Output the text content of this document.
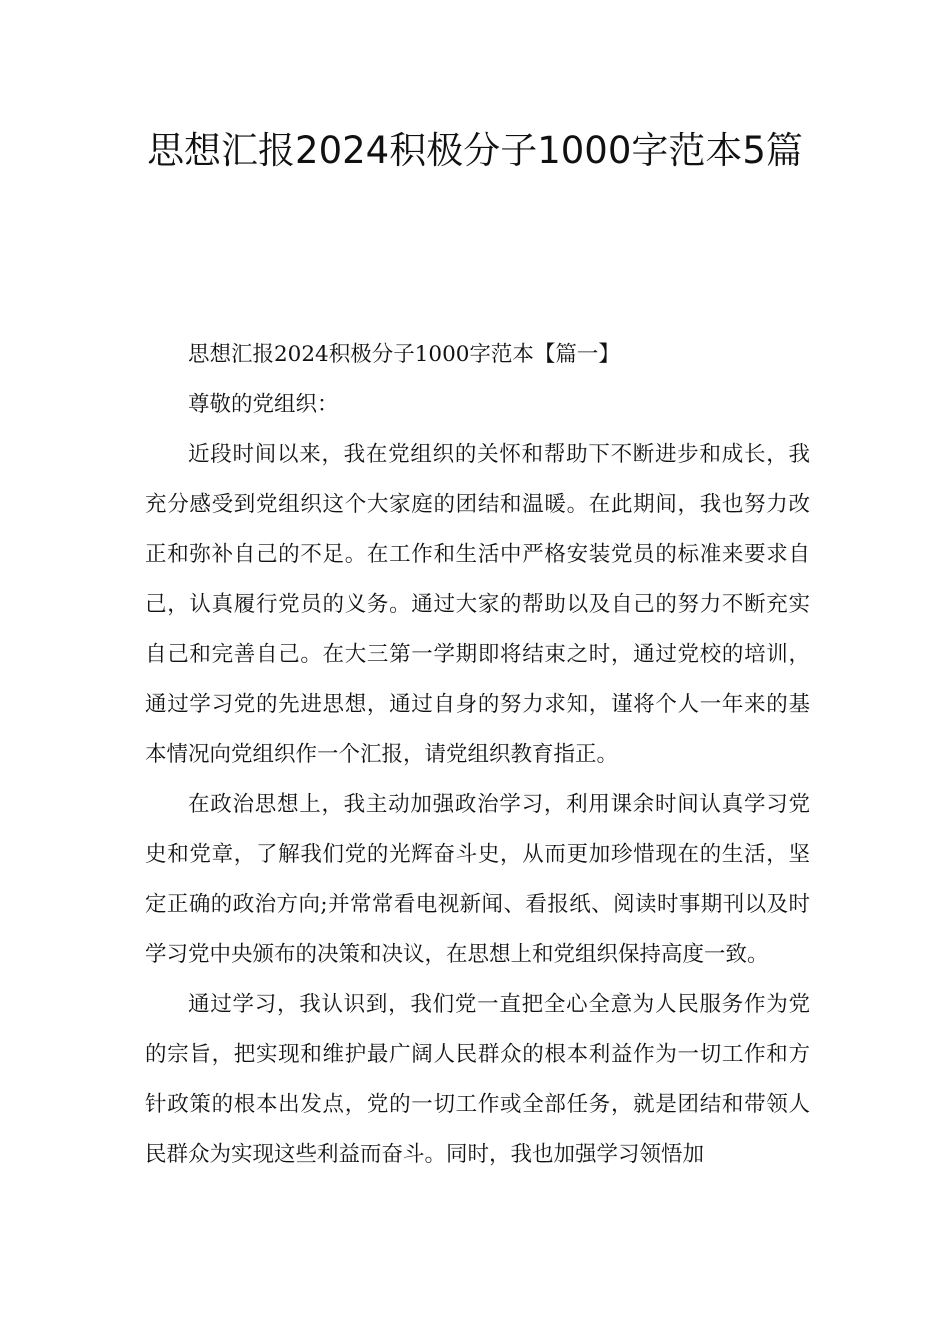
思想汇报2024积极分子1000字范本5篇

思想汇报2024积极分子1000字范本【篇一】

尊敬的党组织：

近段时间以来，我在党组织的关怀和帮助下不断进步和成长，我充分感受到党组织这个大家庭的团结和温暖。在此期间，我也努力改正和弥补自己的不足。在工作和生活中严格安装党员的标准来要求自己，认真履行党员的义务。通过大家的帮助以及自己的努力不断充实自己和完善自己。在大三第一学期即将结束之时，通过党校的培训，通过学习党的先进思想，通过自身的努力求知，谨将个人一年来的基本情况向党组织作一个汇报，请党组织教育指正。

在政治思想上，我主动加强政治学习，利用课余时间认真学习党史和党章，了解我们党的光辉奋斗史，从而更加珍惜现在的生活，坚定正确的政治方向;并常常看电视新闻、看报纸、阅读时事期刊以及时学习党中央颁布的决策和决议，在思想上和党组织保持高度一致。

通过学习，我认识到，我们党一直把全心全意为人民服务作为党的宗旨，把实现和维护最广阔人民群众的根本利益作为一切工作和方针政策的根本出发点，党的一切工作或全部任务，就是团结和带领人民群众为实现这些利益而奋斗。同时，我也加强学习领悟加
